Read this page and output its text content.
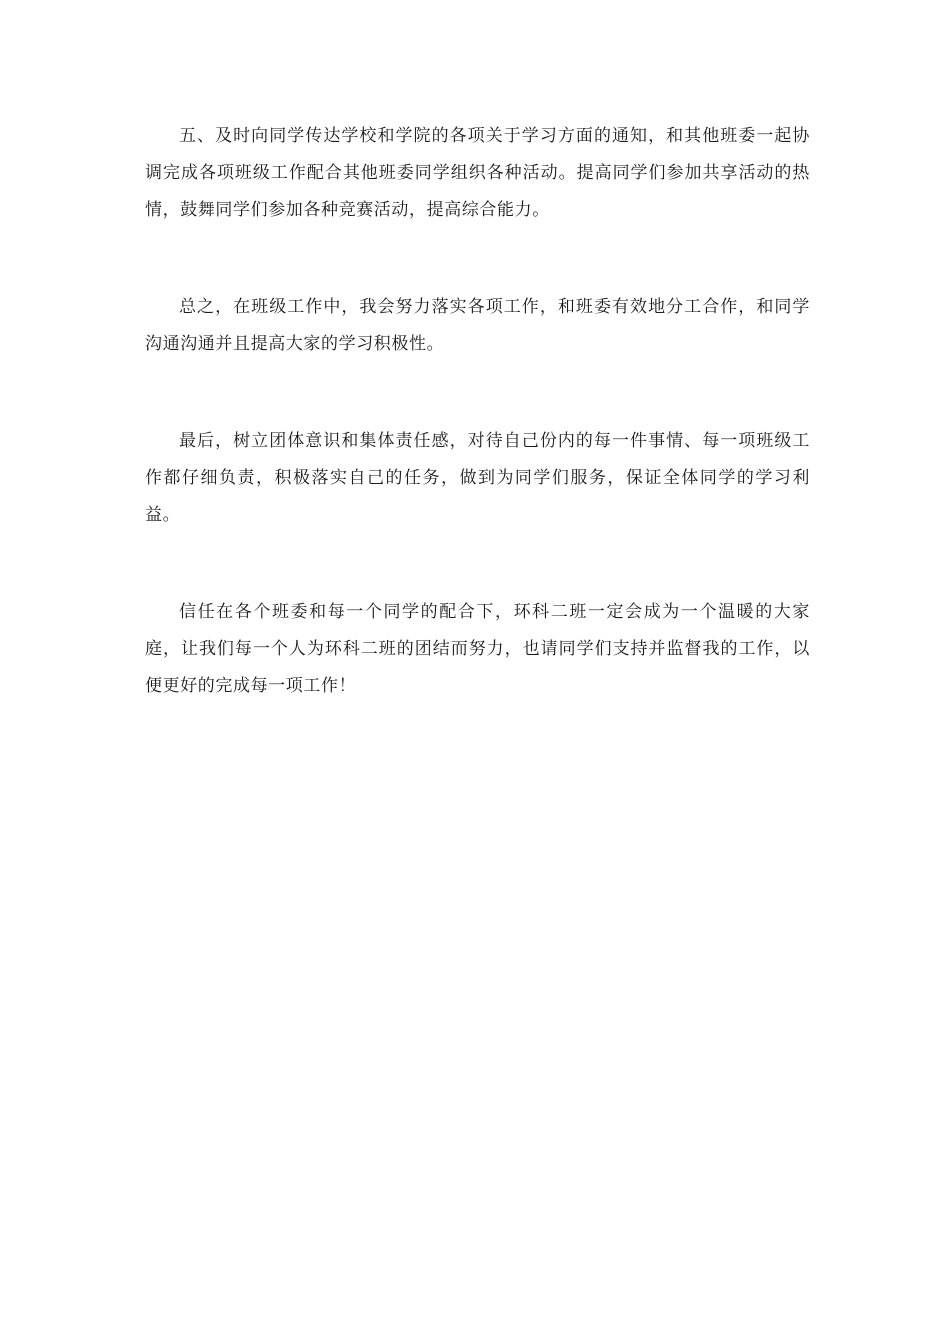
五、及时向同学传达学校和学院的各项关于学习方面的通知，和其他班委一起协调完成各项班级工作配合其他班委同学组织各种活动。提高同学们参加共享活动的热情，鼓舞同学们参加各种竞赛活动，提高综合能力。

总之，在班级工作中，我会努力落实各项工作，和班委有效地分工合作，和同学沟通沟通并且提高大家的学习积极性。

最后，树立团体意识和集体责任感，对待自己份内的每一件事情、每一项班级工作都仔细负责，积极落实自己的任务，做到为同学们服务，保证全体同学的学习利益。

信任在各个班委和每一个同学的配合下，环科二班一定会成为一个温暖的大家庭，让我们每一个人为环科二班的团结而努力，也请同学们支持并监督我的工作，以便更好的完成每一项工作！
